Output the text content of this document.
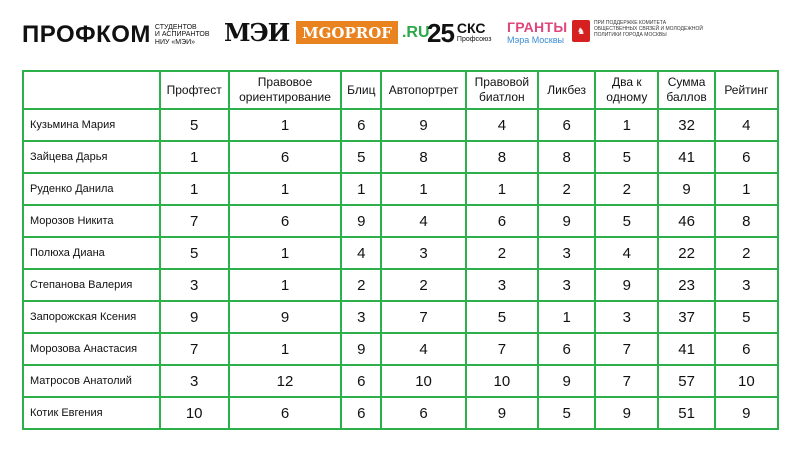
ПРОФКОМ СТУДЕНТОВ
И АСПИРАНТОВ
НИУ «МЭИ»	МЭИ MGOPROF .RU
25 СКС
Профсоюз
ГРАНТЫ
Мэра Москвы
♞
ПРИ ПОДДЕРЖКЕ КОМИТЕТА ОБЩЕСТВЕННЫХ СВЯЗЕЙ И МОЛОДЕЖНОЙ ПОЛИТИКИ ГОРОДА МОСКВЫ
	Профтест	Правовое ориентирование	Блиц	Автопортрет	Правовой биатлон	Ликбез	Два к одному	Сумма баллов	Рейтинг
Кузьмина Мария	5	1	6	9	4	6	1	32	4
Зайцева Дарья	1	6	5	8	8	8	5	41	6
Руденко Данила	1	1	1	1	1	2	2	9	1
Морозов Никита	7	6	9	4	6	9	5	46	8
Полюха Диана	5	1	4	3	2	3	4	22	2
Степанова Валерия	3	1	2	2	3	3	9	23	3
Запорожская Ксения	9	9	3	7	5	1	3	37	5
Морозова Анастасия	7	1	9	4	7	6	7	41	6
Матросов Анатолий	3	12	6	10	10	9	7	57	10
Котик Евгения	10	6	6	6	9	5	9	51	9
